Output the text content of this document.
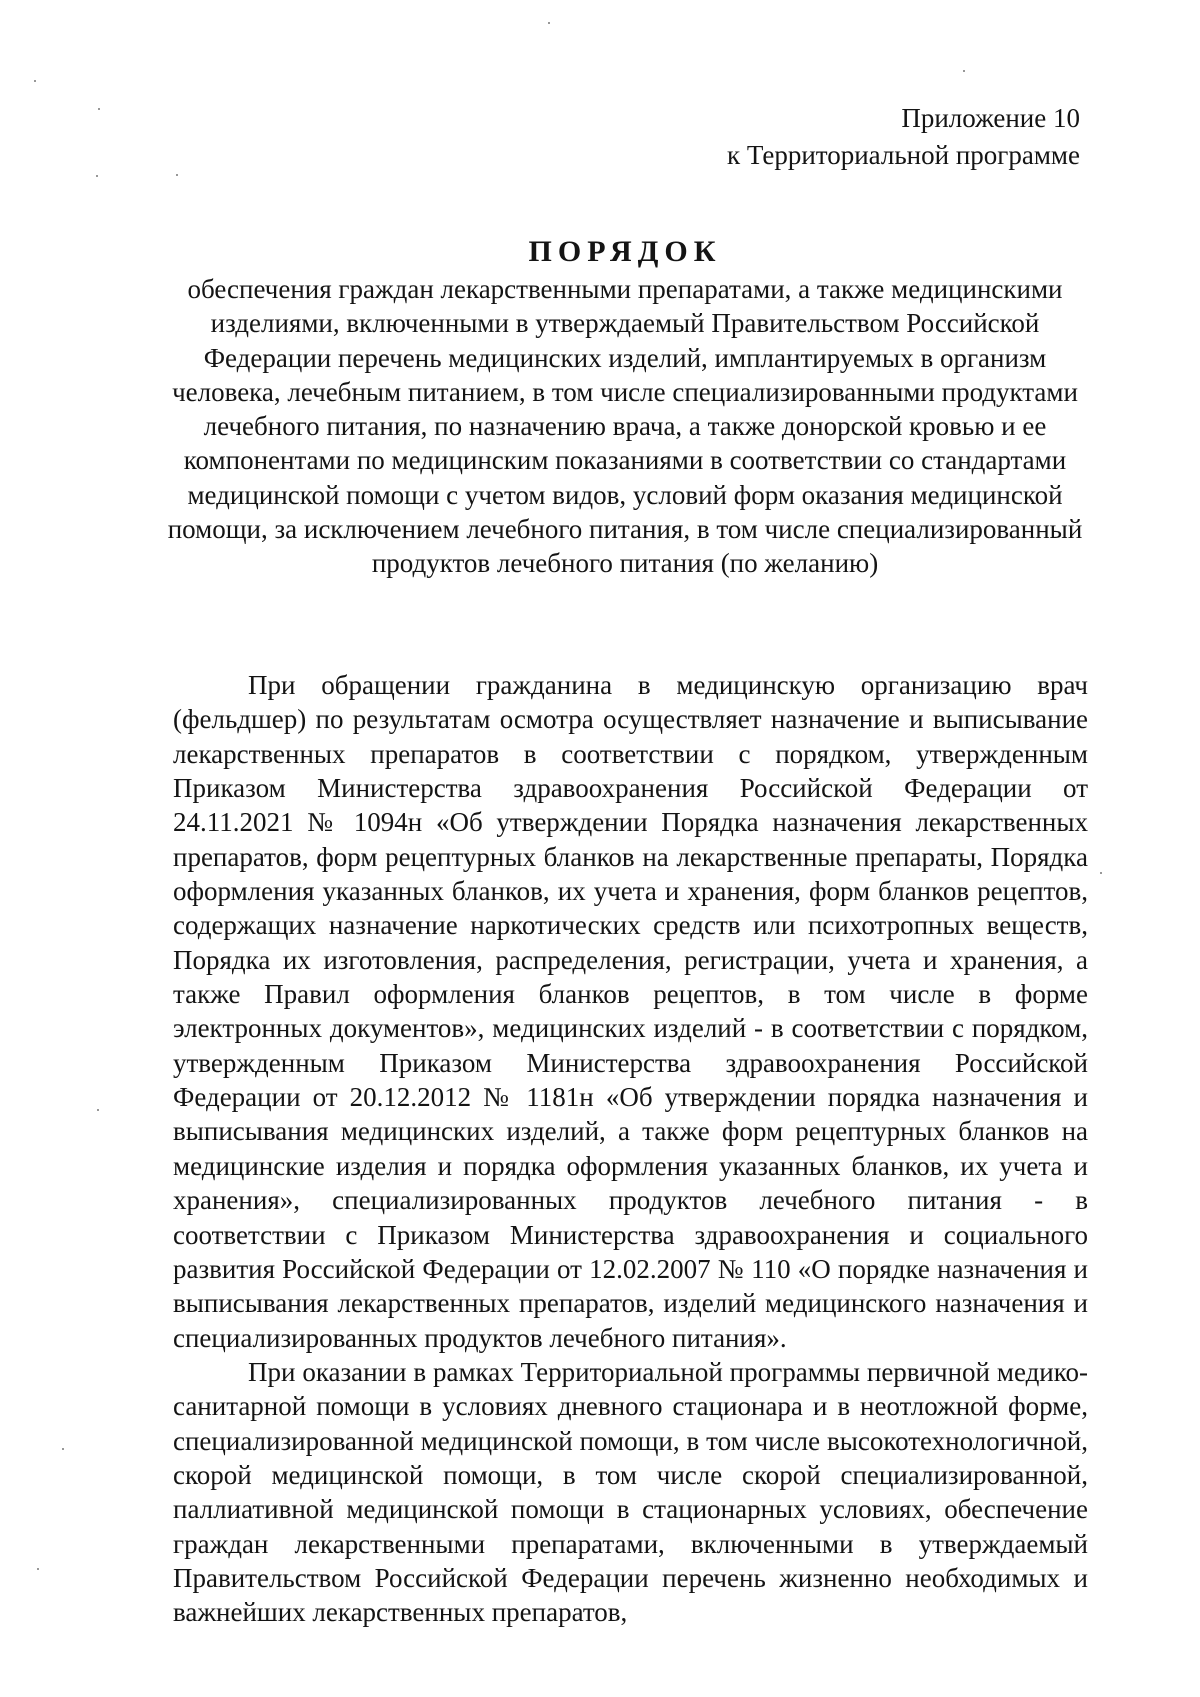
Приложение 10
к Территориальной программе
ПОРЯДОК
обеспечения граждан лекарственными препаратами, а также медицинскими изделиями, включенными в утверждаемый Правительством Российской Федерации перечень медицинских изделий, имплантируемых в организм человека, лечебным питанием, в том числе специализированными продуктами лечебного питания, по назначению врача, а также донорской кровью и ее компонентами по медицинским показаниями в соответствии со стандартами медицинской помощи с учетом видов, условий форм оказания медицинской помощи, за исключением лечебного питания, в том числе специализированный продуктов лечебного питания (по желанию)

При обращении гражданина в медицинскую организацию врач (фельдшер) по результатам осмотра осуществляет назначение и выписывание лекарственных препаратов в соответствии с порядком, утвержденным Приказом Министерства здравоохранения Российской Федерации от 24.11.2021 № 1094н «Об утверждении Порядка назначения лекарственных препаратов, форм рецептурных бланков на лекарственные препараты, Порядка оформления указанных бланков, их учета и хранения, форм бланков рецептов, содержащих назначение наркотических средств или психотропных веществ, Порядка их изготовления, распределения, регистрации, учета и хранения, а также Правил оформления бланков рецептов, в том числе в форме электронных документов», медицинских изделий - в соответствии с порядком, утвержденным Приказом Министерства здравоохранения Российской Федерации от 20.12.2012 № 1181н «Об утверждении порядка назначения и выписывания медицинских изделий, а также форм рецептурных бланков на медицинские изделия и порядка оформления указанных бланков, их учета и хранения», специализированных продуктов лечебного питания - в соответствии с Приказом Министерства здравоохранения и социального развития Российской Федерации от 12.02.2007 № 110 «О порядке назначения и выписывания лекарственных препаратов, изделий медицинского назначения и специализированных продуктов лечебного питания».

При оказании в рамках Территориальной программы первичной медико-санитарной помощи в условиях дневного стационара и в неотложной форме, специализированной медицинской помощи, в том числе высокотехнологичной, скорой медицинской помощи, в том числе скорой специализированной, паллиативной медицинской помощи в стационарных условиях, обеспечение граждан лекарственными препаратами, включенными в утверждаемый Правительством Российской Федерации перечень жизненно необходимых и важнейших лекарственных препаратов,
